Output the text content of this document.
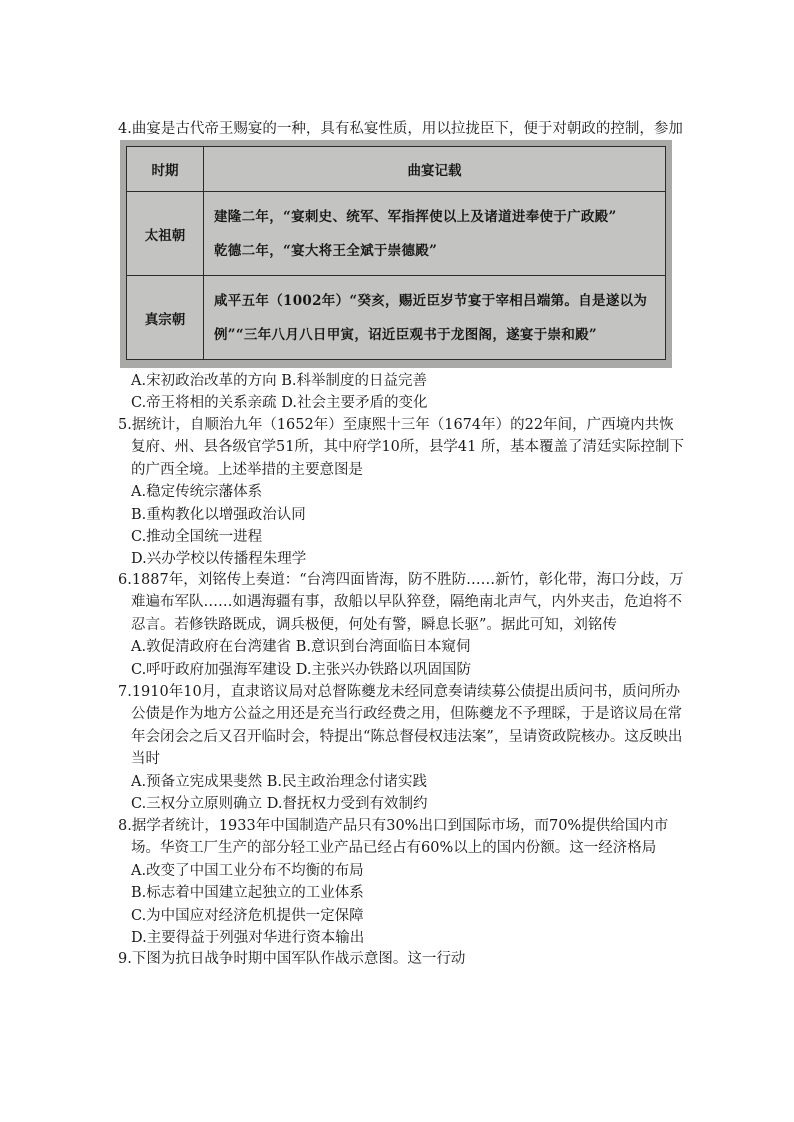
4.曲宴是古代帝王赐宴的一种，具有私宴性质，用以拉拢臣下，便于对朝政的控制，参加

时期	曲宴记载
太祖朝	建隆二年，“宴刺史、统军、军指挥使以上及诸道进奉使于广政殿”
乾德二年，“宴大将王全斌于崇德殿”

真宗朝	咸平五年（1002年）“癸亥，赐近臣岁节宴于宰相吕端第。自是遂以为
例”“三年八月八日甲寅，诏近臣观书于龙图阁，遂宴于崇和殿”

A.宋初政治改革的方向 B.科举制度的日益完善

C.帝王将相的关系亲疏 D.社会主要矛盾的变化

5.据统计，自顺治九年（1652年）至康熙十三年（1674年）的22年间，广西境内共恢复府、州、县各级官学51所，其中府学10所，县学41 所，基本覆盖了清廷实际控制下的广西全境。上述举措的主要意图是

A.稳定传统宗藩体系

B.重构教化以增强政治认同

C.推动全国统一进程

D.兴办学校以传播程朱理学

6.1887年，刘铭传上奏道：“台湾四面皆海，防不胜防……新竹，彰化带，海口分歧，万难遍布军队……如遇海疆有事，敌船以早队猝登，隔绝南北声气，内外夹击，危迫将不忍言。若修铁路既成，调兵极便，何处有警，瞬息长驱”。据此可知，刘铭传

A.敦促清政府在台湾建省 B.意识到台湾面临日本窥伺

C.呼吁政府加强海军建设 D.主张兴办铁路以巩固国防

7.1910年10月，直隶谘议局对总督陈夔龙未经同意奏请续募公债提出质问书，质问所办公债是作为地方公益之用还是充当行政经费之用，但陈夔龙不予理睬，于是谘议局在常年会闭会之后又召开临时会，特提出“陈总督侵权违法案”，呈请资政院核办。这反映出当时

A.预备立宪成果斐然 B.民主政治理念付诸实践

C.三权分立原则确立 D.督抚权力受到有效制约

8.据学者统计，1933年中国制造产品只有30%出口到国际市场，而70%提供给国内市场。华资工厂生产的部分轻工业产品已经占有60%以上的国内份额。这一经济格局

A.改变了中国工业分布不均衡的布局

B.标志着中国建立起独立的工业体系

C.为中国应对经济危机提供一定保障

D.主要得益于列强对华进行资本输出

9.下图为抗日战争时期中国军队作战示意图。这一行动
